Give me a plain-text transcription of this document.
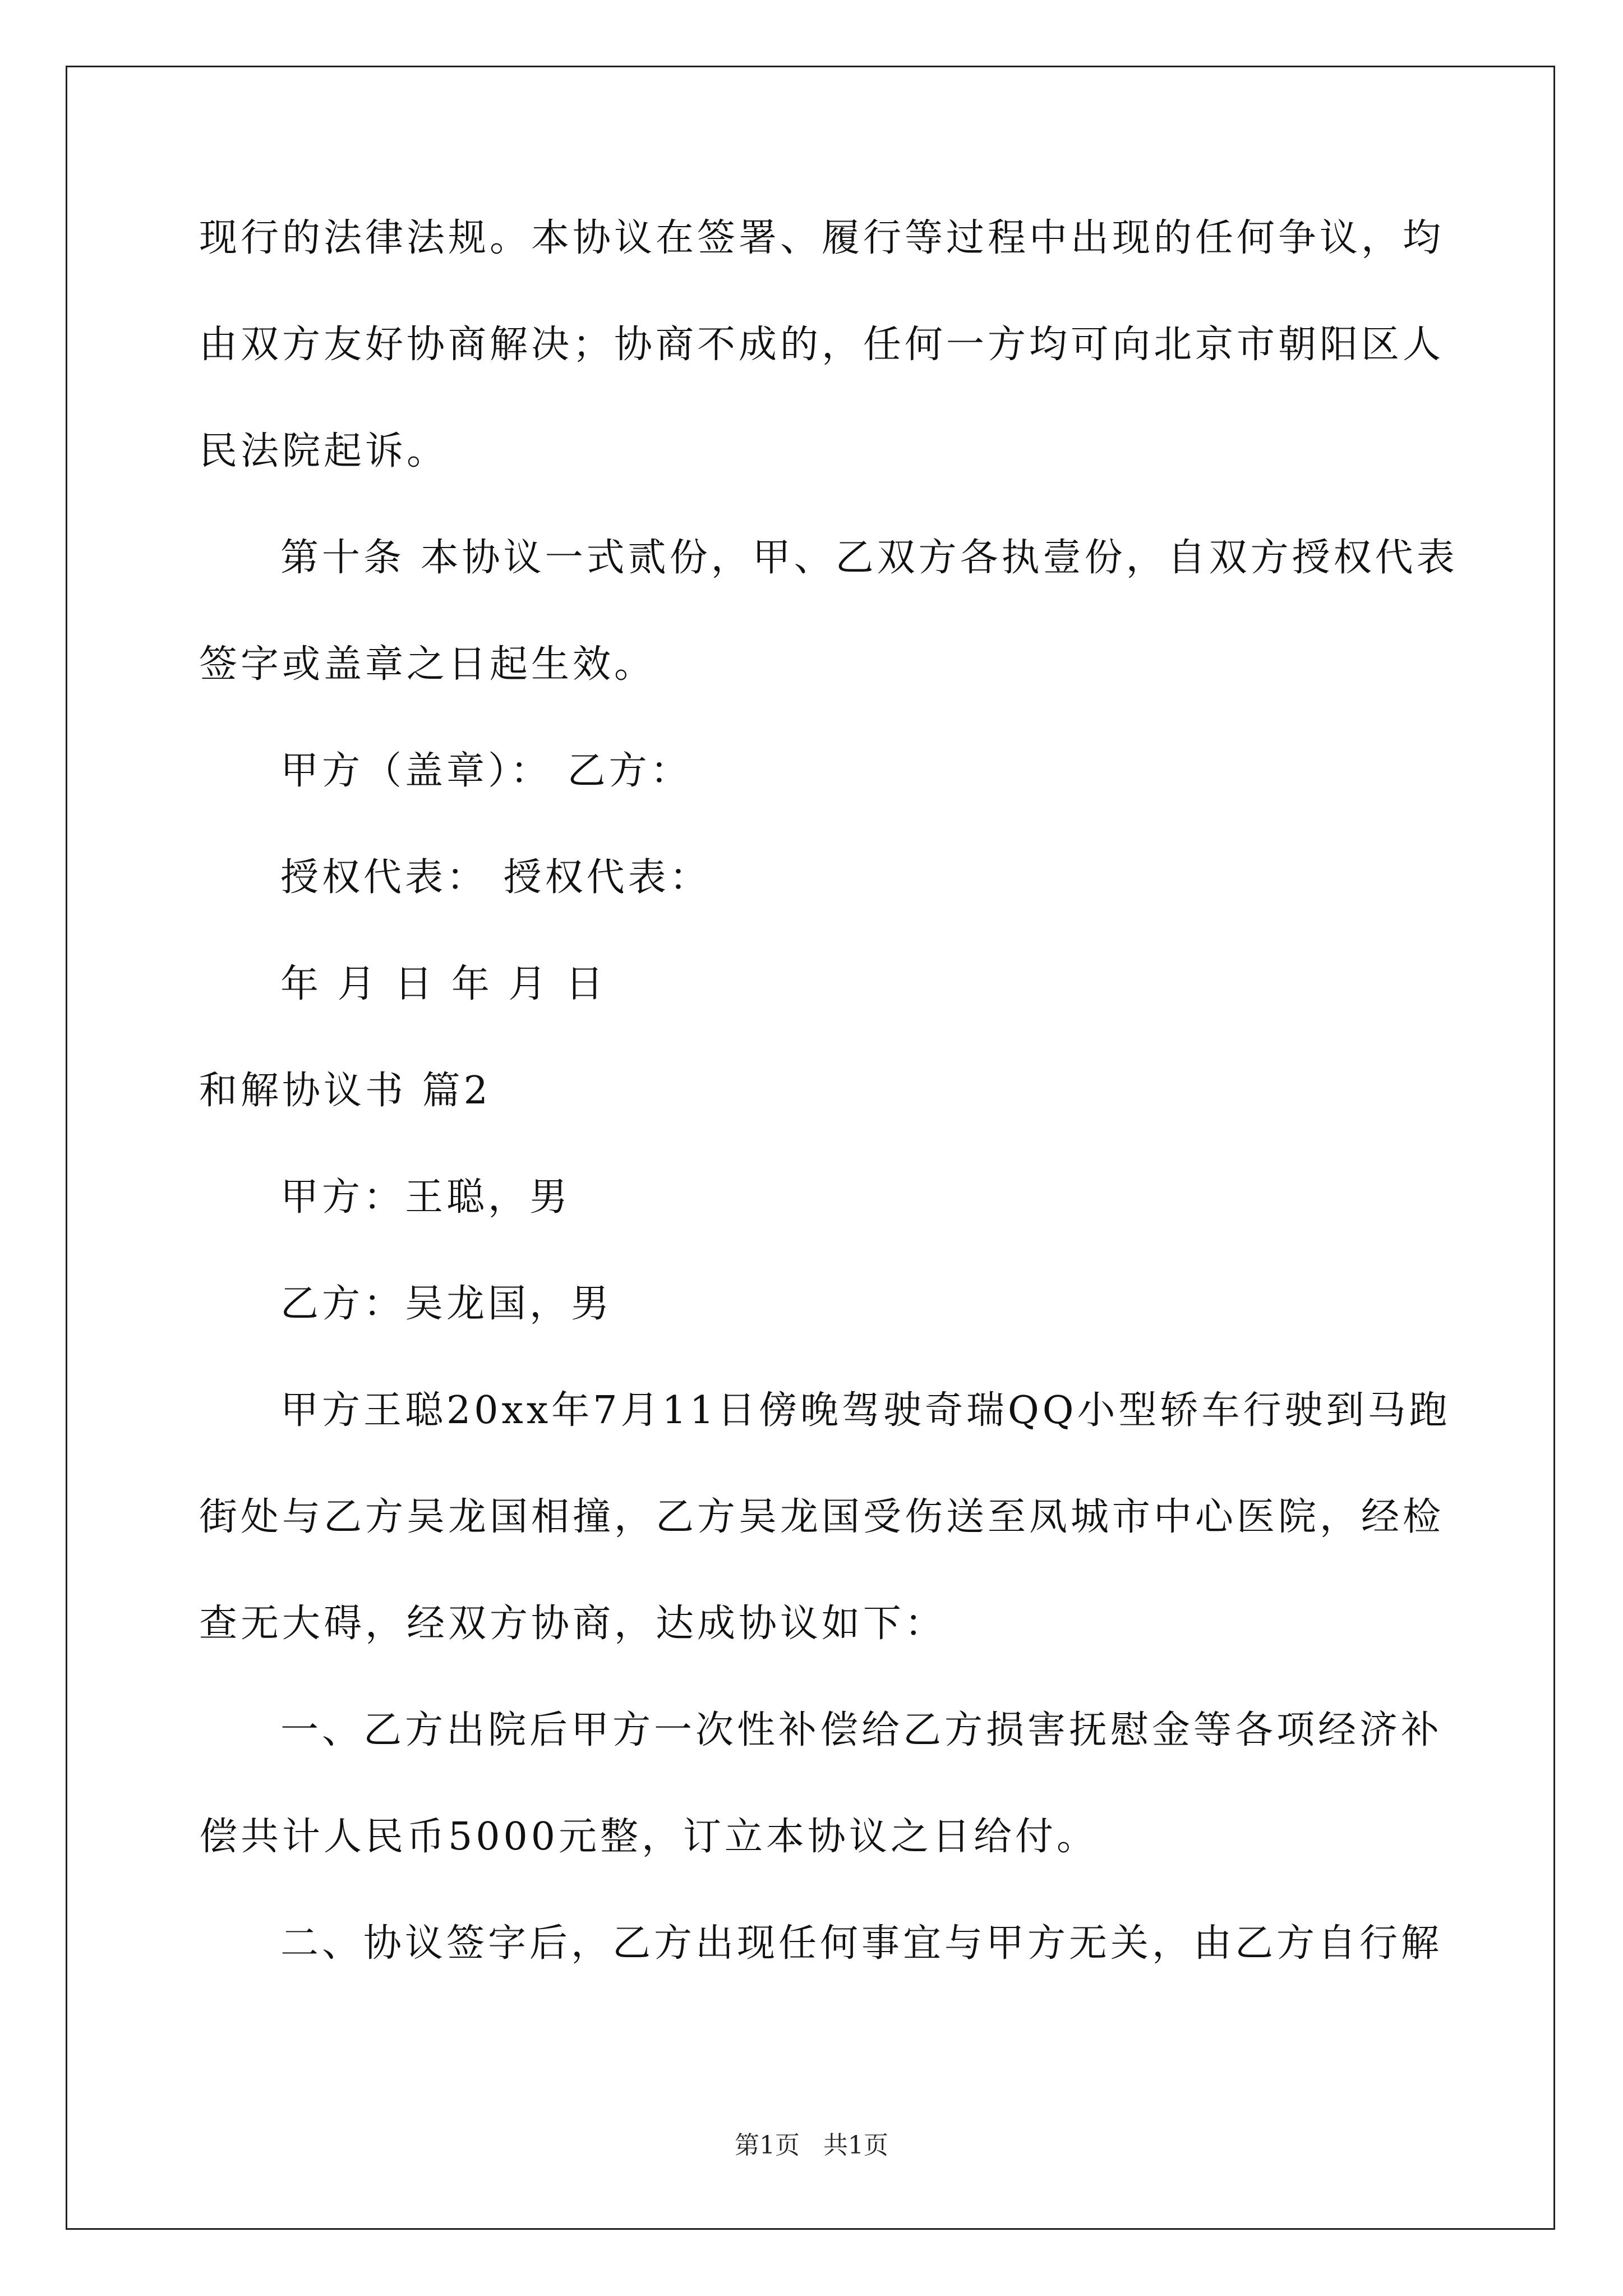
现行的法律法规。本协议在签署、履行等过程中出现的任何争议，均
由双方友好协商解决；协商不成的，任何一方均可向北京市朝阳区人
民法院起诉。
第十条 本协议一式贰份，甲、乙双方各执壹份，自双方授权代表
签字或盖章之日起生效。
甲方（盖章）： 乙方：
授权代表： 授权代表：
年 月 日 年 月 日
和解协议书 篇2
甲方：王聪，男
乙方：吴龙国，男
甲方王聪20xx年7月11日傍晚驾驶奇瑞QQ小型轿车行驶到马跑
街处与乙方吴龙国相撞，乙方吴龙国受伤送至凤城市中心医院，经检
查无大碍，经双方协商，达成协议如下：
一、乙方出院后甲方一次性补偿给乙方损害抚慰金等各项经济补
偿共计人民币5000元整，订立本协议之日给付。
二、协议签字后，乙方出现任何事宜与甲方无关，由乙方自行解
第1页   共1页
